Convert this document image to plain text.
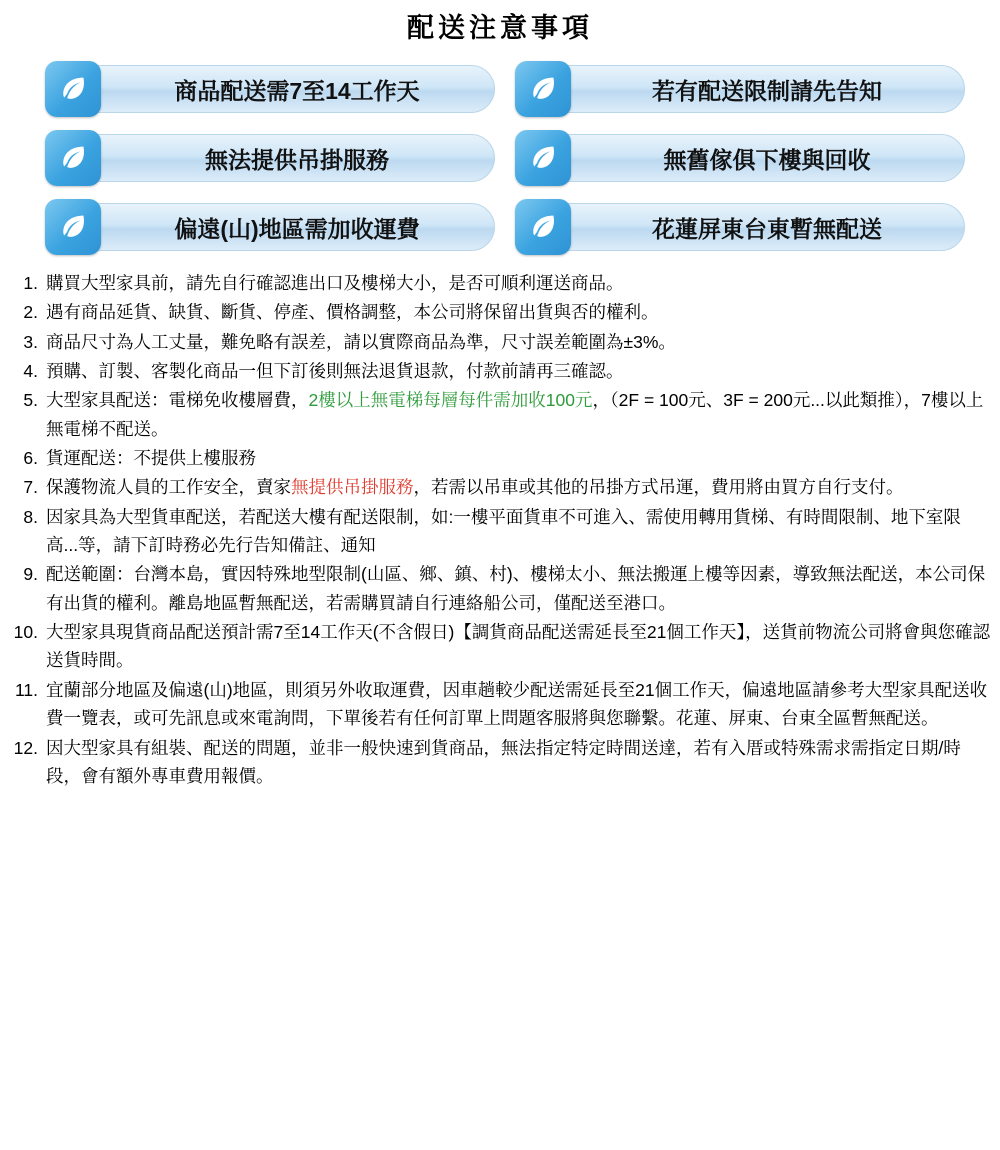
配送注意事項
商品配送需7至14工作天	若有配送限制請先告知
無法提供吊掛服務	無舊傢俱下樓與回收
偏遠(山)地區需加收運費	花蓮屏東台東暫無配送
購買大型家具前，請先自行確認進出口及樓梯大小，是否可順利運送商品。
遇有商品延貨、缺貨、斷貨、停產、價格調整，本公司將保留出貨與否的權利。
商品尺寸為人工丈量，難免略有誤差，請以實際商品為準，尺寸誤差範圍為±3%。
預購、訂製、客製化商品一但下訂後則無法退貨退款，付款前請再三確認。
大型家具配送：電梯免收樓層費，2樓以上無電梯每層每件需加收100元，（2F = 100元、3F = 200元...以此類推），7樓以上無電梯不配送。
貨運配送：不提供上樓服務
保護物流人員的工作安全，賣家無提供吊掛服務，若需以吊車或其他的吊掛方式吊運，費用將由買方自行支付。
因家具為大型貨車配送，若配送大樓有配送限制，如:一樓平面貨車不可進入、需使用轉用貨梯、有時間限制、地下室限高...等，請下訂時務必先行告知備註、通知
配送範圍：台灣本島，實因特殊地型限制(山區、鄉、鎮、村)、樓梯太小、無法搬運上樓等因素，導致無法配送，本公司保有出貨的權利。離島地區暫無配送，若需購買請自行連絡船公司，僅配送至港口。
大型家具現貨商品配送預計需7至14工作天(不含假日)【調貨商品配送需延長至21個工作天】，送貨前物流公司將會與您確認送貨時間。
宜蘭部分地區及偏遠(山)地區，則須另外收取運費，因車趟較少配送需延長至21個工作天，偏遠地區請參考大型家具配送收費一覽表，或可先訊息或來電詢問，下單後若有任何訂單上問題客服將與您聯繫。花蓮、屏東、台東全區暫無配送。
因大型家具有組裝、配送的問題，並非一般快速到貨商品，無法指定特定時間送達，若有入厝或特殊需求需指定日期/時段，會有額外專車費用報價。
